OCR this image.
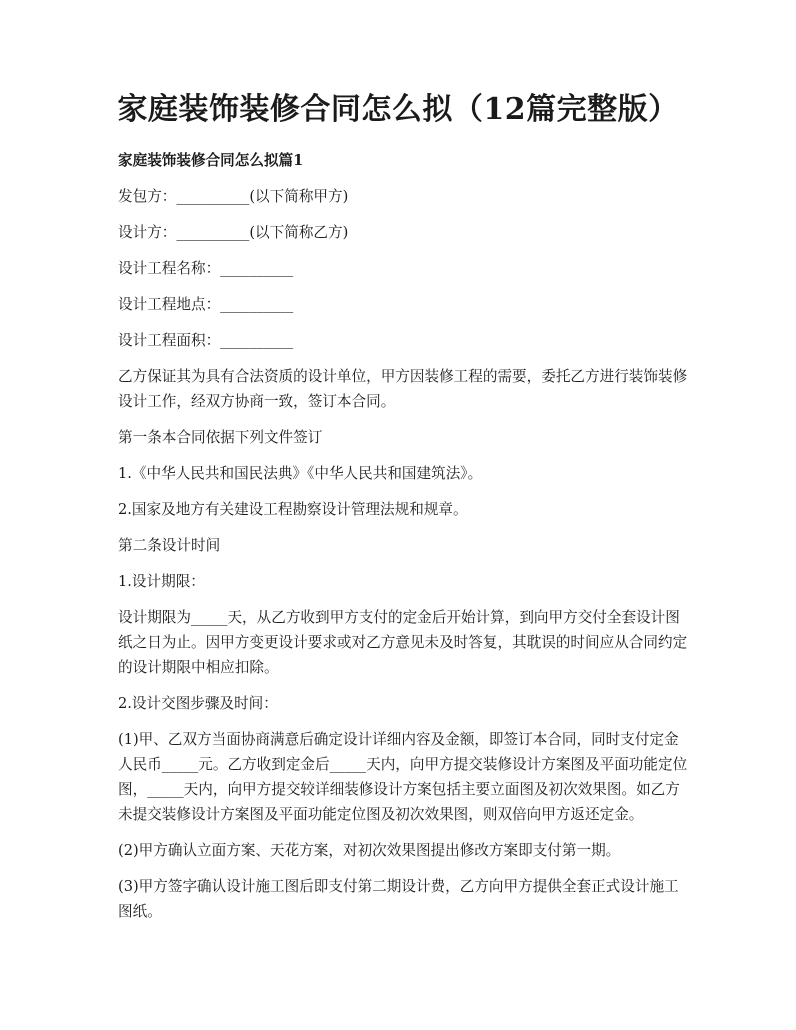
家庭装饰装修合同怎么拟（12篇完整版）
家庭装饰装修合同怎么拟篇1

发包方：__________(以下简称甲方)

设计方：__________(以下简称乙方)

设计工程名称：__________

设计工程地点：__________

设计工程面积：__________

乙方保证其为具有合法资质的设计单位，甲方因装修工程的需要，委托乙方进行装饰装修设计工作，经双方协商一致，签订本合同。

第一条本合同依据下列文件签订

1.《中华人民共和国民法典》《中华人民共和国建筑法》。

2.国家及地方有关建设工程勘察设计管理法规和规章。

第二条设计时间

1.设计期限：

设计期限为_____天，从乙方收到甲方支付的定金后开始计算，到向甲方交付全套设计图纸之日为止。因甲方变更设计要求或对乙方意见未及时答复，其耽误的时间应从合同约定的设计期限中相应扣除。

2.设计交图步骤及时间：

(1)甲、乙双方当面协商满意后确定设计详细内容及金额，即签订本合同，同时支付定金人民币_____元。乙方收到定金后_____天内，向甲方提交装修设计方案图及平面功能定位图，_____天内，向甲方提交较详细装修设计方案包括主要立面图及初次效果图。如乙方未提交装修设计方案图及平面功能定位图及初次效果图，则双倍向甲方返还定金。

(2)甲方确认立面方案、天花方案，对初次效果图提出修改方案即支付第一期。

(3)甲方签字确认设计施工图后即支付第二期设计费，乙方向甲方提供全套正式设计施工图纸。
